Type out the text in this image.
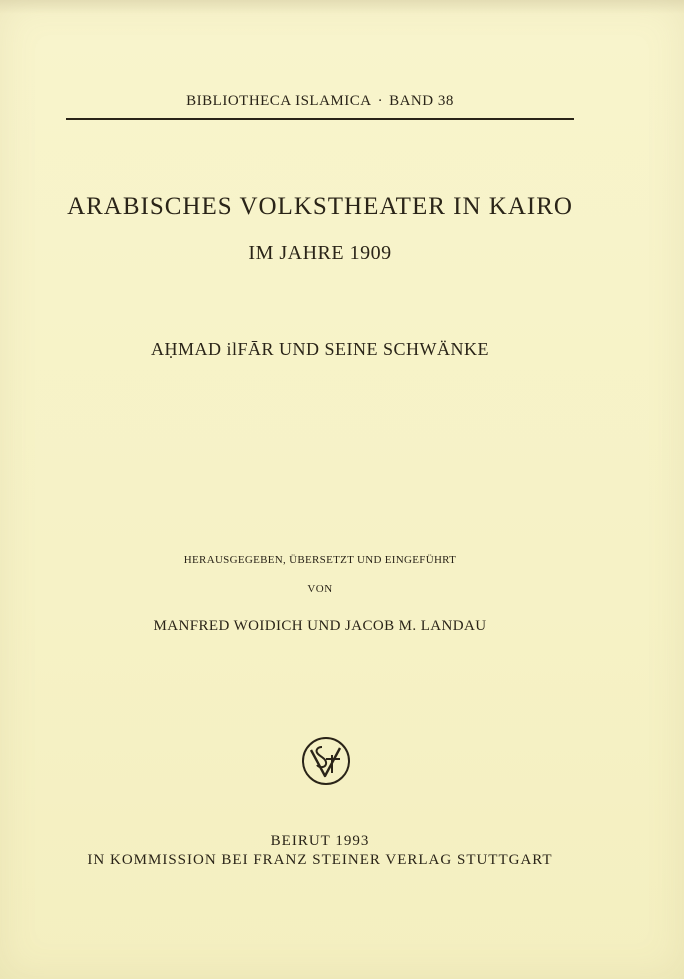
BIBLIOTHECA ISLAMICA · BAND 38
ARABISCHES VOLKSTHEATER IN KAIRO
IM JAHRE 1909
AḤMAD ilFĀR UND SEINE SCHWÄNKE
HERAUSGEGEBEN, ÜBERSETZT UND EINGEFÜHRT
VON
MANFRED WOIDICH UND JACOB M. LANDAU
BEIRUT 1993
IN KOMMISSION BEI FRANZ STEINER VERLAG STUTTGART
